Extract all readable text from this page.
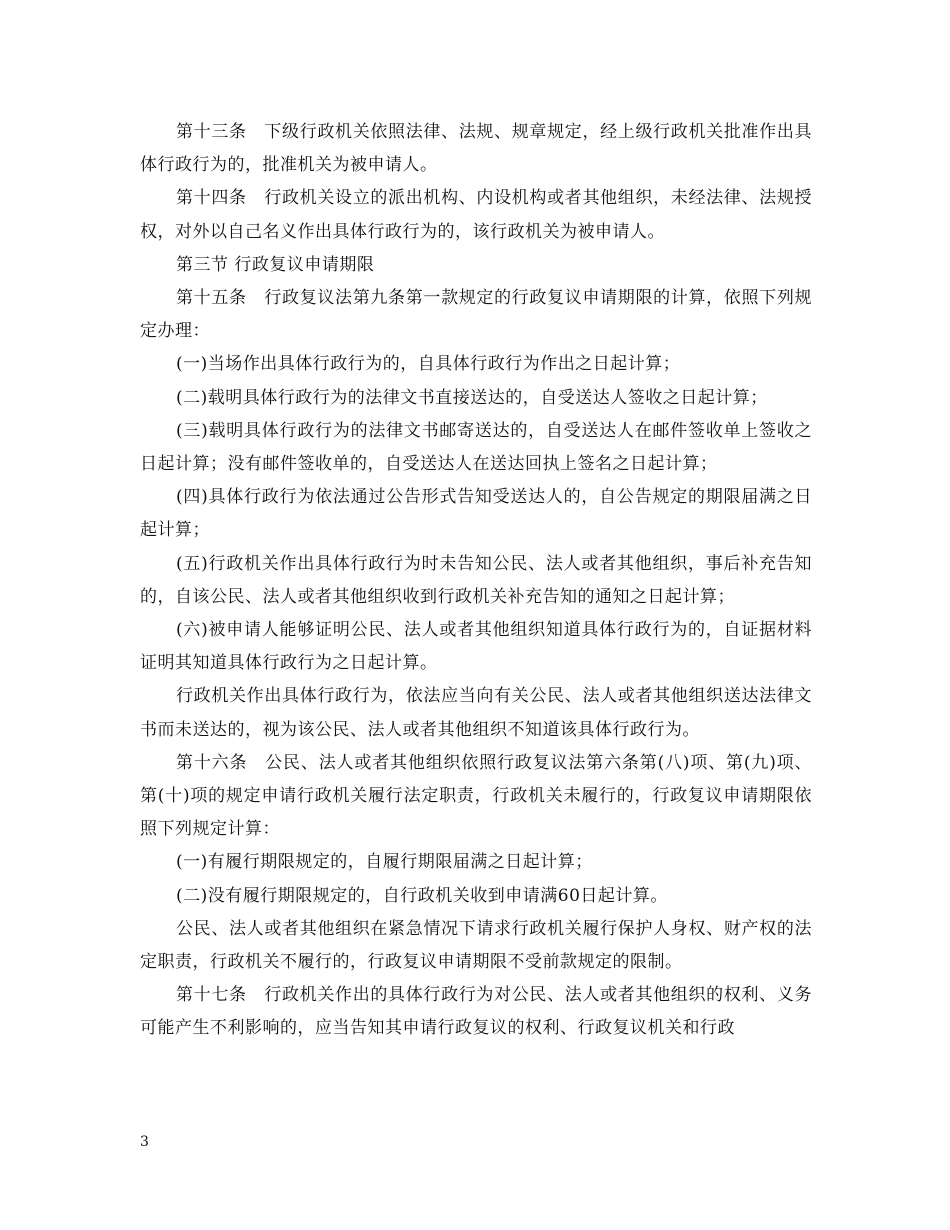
第十三条　下级行政机关依照法律、法规、规章规定，经上级行政机关批准作出具体行政行为的，批准机关为被申请人。

第十四条　行政机关设立的派出机构、内设机构或者其他组织，未经法律、法规授权，对外以自己名义作出具体行政行为的，该行政机关为被申请人。

第三节 行政复议申请期限

第十五条　行政复议法第九条第一款规定的行政复议申请期限的计算，依照下列规定办理：

(一)当场作出具体行政行为的，自具体行政行为作出之日起计算；

(二)载明具体行政行为的法律文书直接送达的，自受送达人签收之日起计算；

(三)载明具体行政行为的法律文书邮寄送达的，自受送达人在邮件签收单上签收之日起计算；没有邮件签收单的，自受送达人在送达回执上签名之日起计算；

(四)具体行政行为依法通过公告形式告知受送达人的，自公告规定的期限届满之日起计算；

(五)行政机关作出具体行政行为时未告知公民、法人或者其他组织，事后补充告知的，自该公民、法人或者其他组织收到行政机关补充告知的通知之日起计算；

(六)被申请人能够证明公民、法人或者其他组织知道具体行政行为的，自证据材料证明其知道具体行政行为之日起计算。

行政机关作出具体行政行为，依法应当向有关公民、法人或者其他组织送达法律文书而未送达的，视为该公民、法人或者其他组织不知道该具体行政行为。

第十六条　公民、法人或者其他组织依照行政复议法第六条第(八)项、第(九)项、第(十)项的规定申请行政机关履行法定职责，行政机关未履行的，行政复议申请期限依照下列规定计算：

(一)有履行期限规定的，自履行期限届满之日起计算；

(二)没有履行期限规定的，自行政机关收到申请满60日起计算。

公民、法人或者其他组织在紧急情况下请求行政机关履行保护人身权、财产权的法定职责，行政机关不履行的，行政复议申请期限不受前款规定的限制。

第十七条　行政机关作出的具体行政行为对公民、法人或者其他组织的权利、义务可能产生不利影响的，应当告知其申请行政复议的权利、行政复议机关和行政

3
